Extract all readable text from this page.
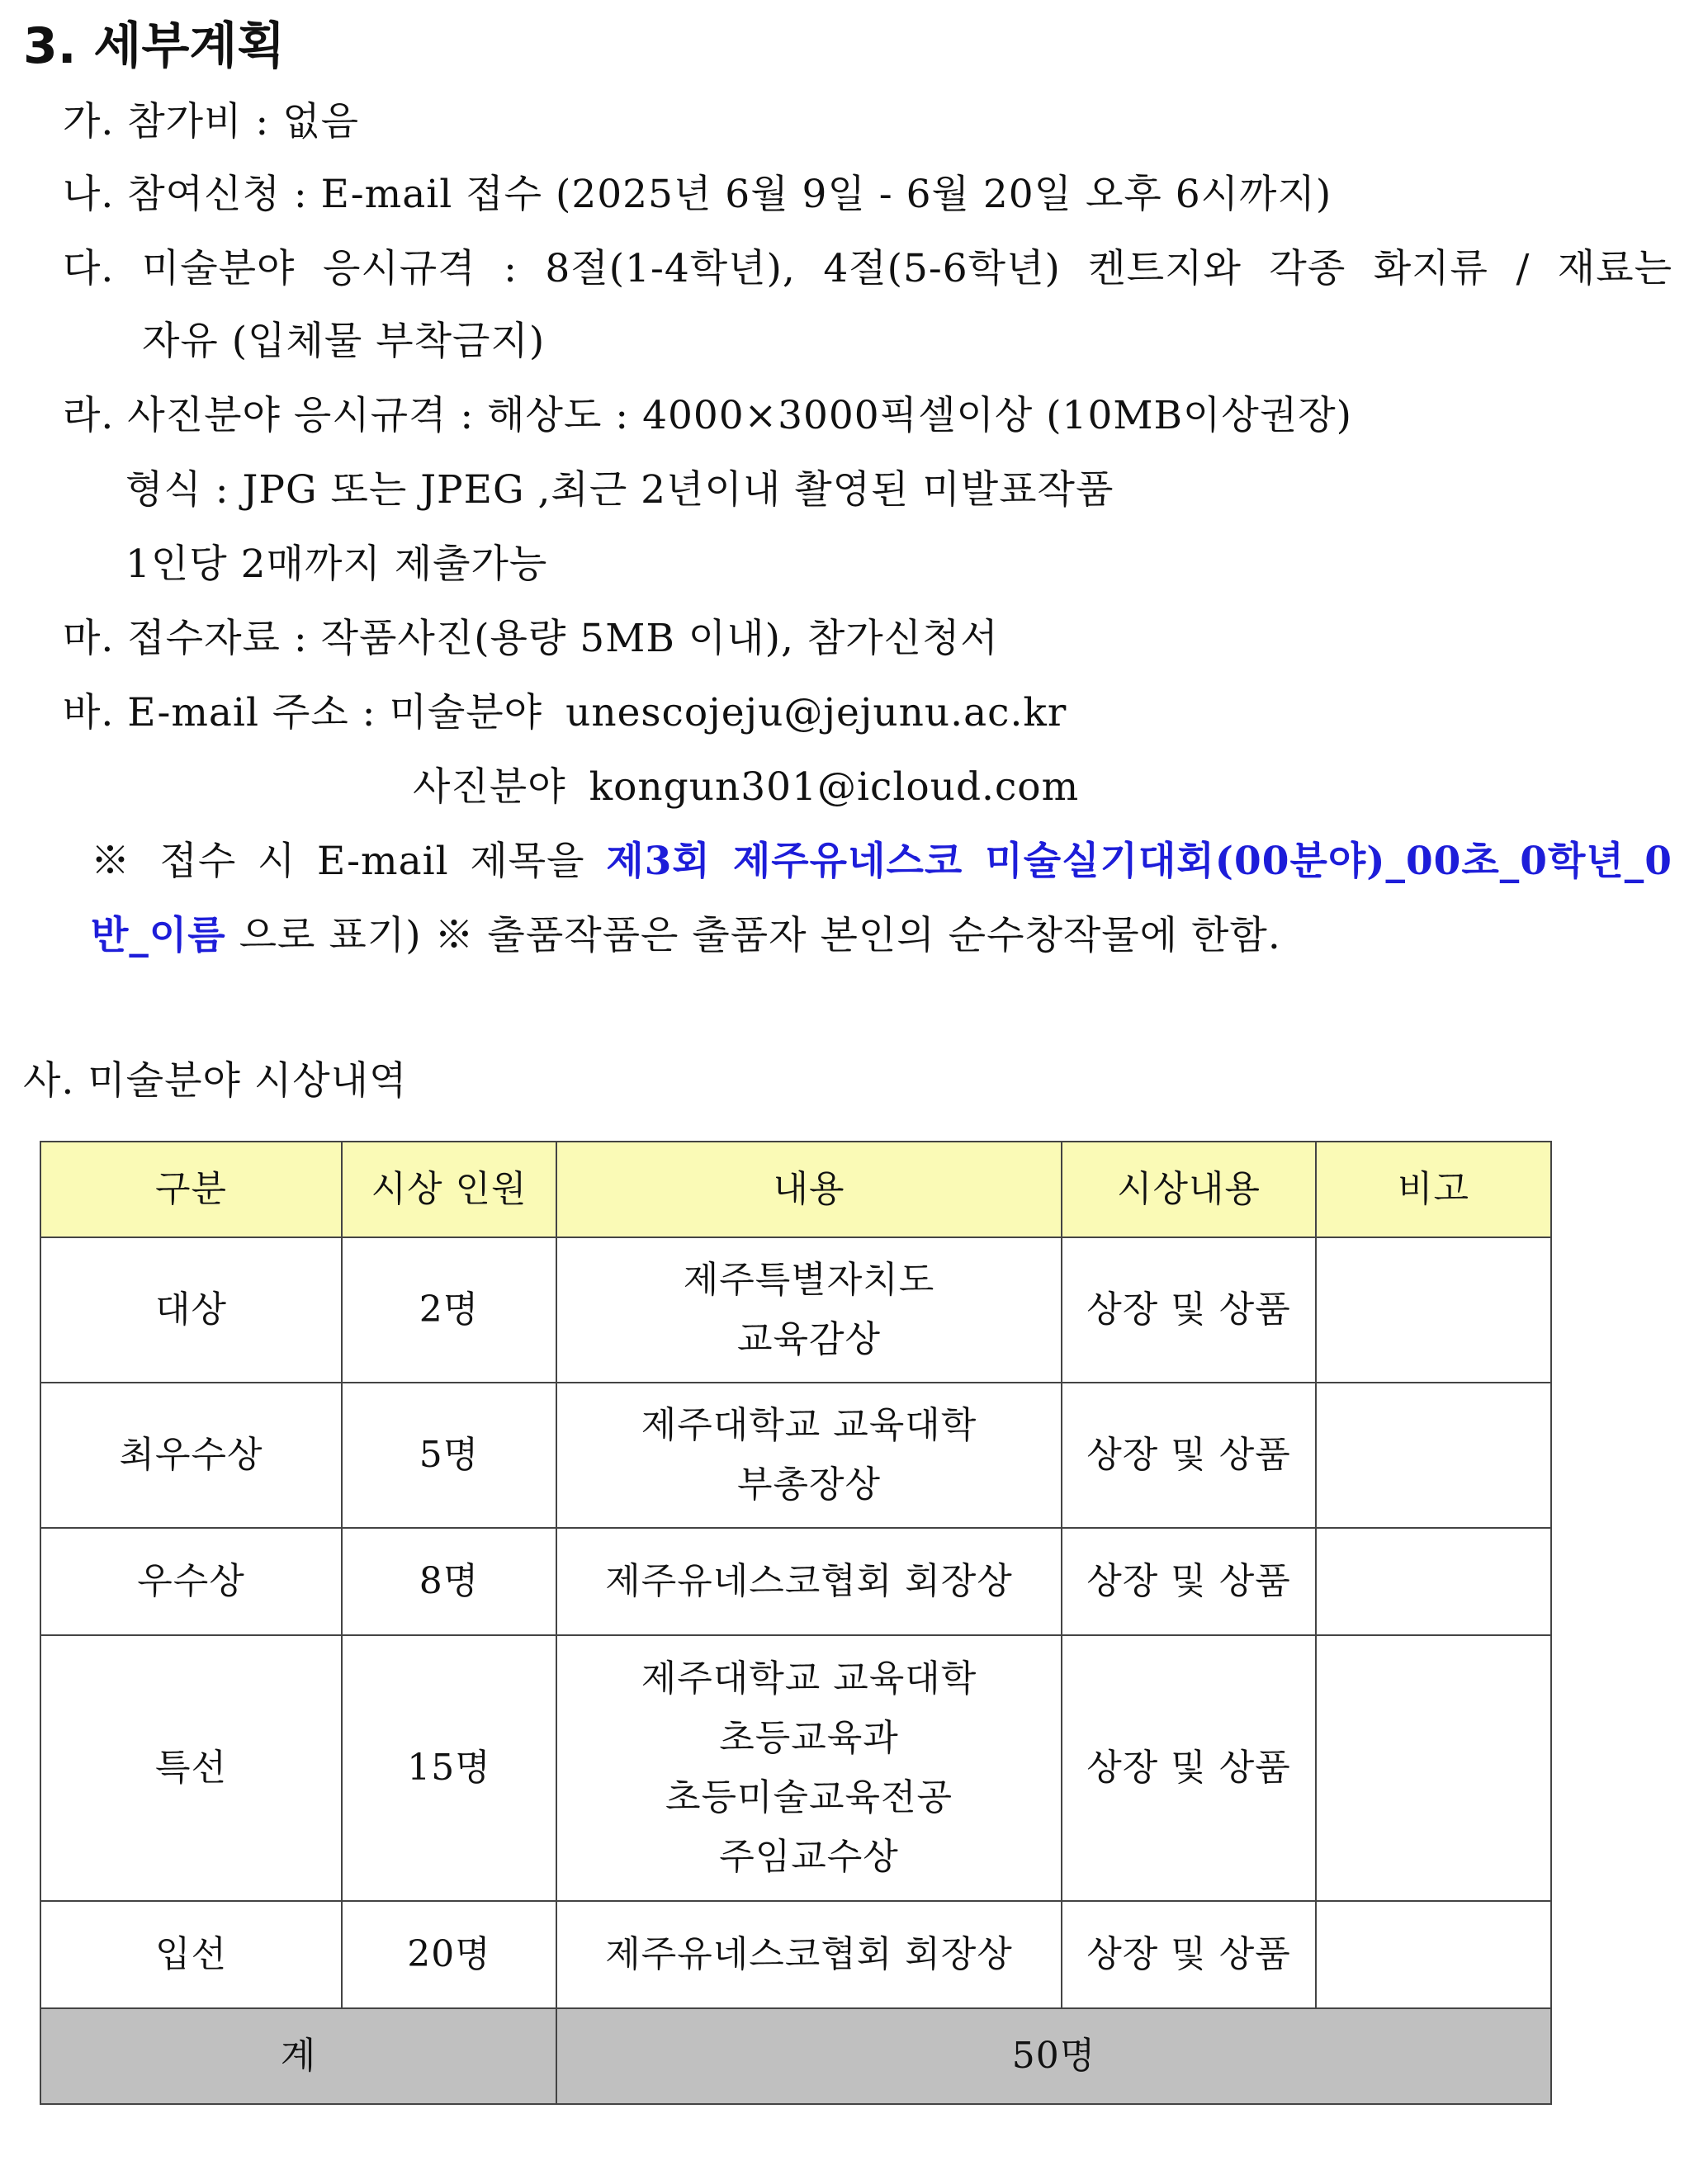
3. 세부계획
가. 참가비 : 없음
나. 참여신청 : E-mail 접수 (2025년 6월 9일 - 6월 20일 오후 6시까지)
다. 미술분야 응시규격 : 8절(1-4학년), 4절(5-6학년) 켄트지와 각종 화지류 / 재료는
자유 (입체물 부착금지)
라. 사진분야 응시규격 : 해상도 : 4000×3000픽셀이상 (10MB이상권장)
형식 : JPG 또는 JPEG ,최근 2년이내 촬영된 미발표작품
1인당 2매까지 제출가능
마. 접수자료 : 작품사진(용량 5MB 이내), 참가신청서
바. E-mail 주소 : 미술분야 unescojeju@jejunu.ac.kr
사진분야 kongun301@icloud.com
※ 접수 시 E-mail 제목을 제3회 제주유네스코 미술실기대회(00분야)_00초_0학년_0
반_이름 으로 표기) ※ 출품작품은 출품자 본인의 순수창작물에 한함.
사. 미술분야 시상내역
구분	시상 인원	내용	시상내용	비고
대상	2명	제주특별자치도
교육감상	상장 및 상품	
최우수상	5명	제주대학교 교육대학
부총장상	상장 및 상품	
우수상	8명	제주유네스코협회 회장상	상장 및 상품	
특선	15명	제주대학교 교육대학
초등교육과
초등미술교육전공
주임교수상	상장 및 상품	
입선	20명	제주유네스코협회 회장상	상장 및 상품	
계		50명		
